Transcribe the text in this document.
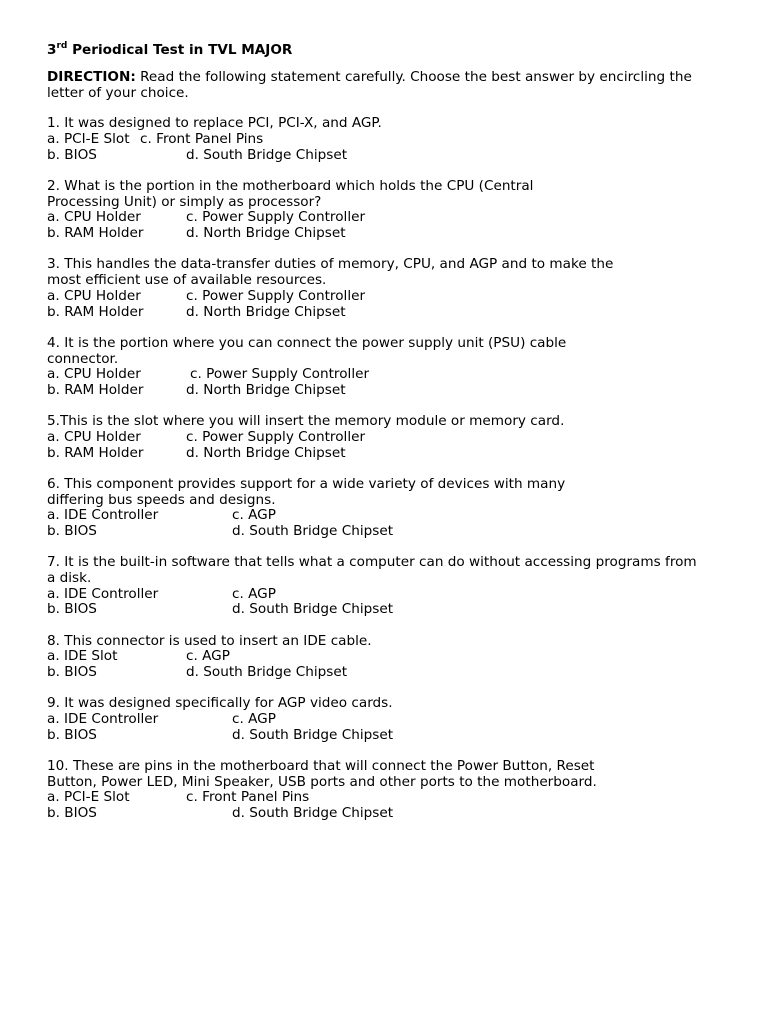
3rd Periodical Test in TVL MAJOR
DIRECTION: Read the following statement carefully. Choose the best answer by encircling the letter of your choice.
1. It was designed to replace PCI, PCI-X, and AGP.
a. PCI-E Slot c. Front Panel Pins
b. BIOS	d. South Bridge Chipset
2. What is the portion in the motherboard which holds the CPU (Central Processing Unit) or simply as processor?
a. CPU Holder	c. Power Supply Controller
b. RAM Holder	d. North Bridge Chipset
3. This handles the data-transfer duties of memory, CPU, and AGP and to make the most efficient use of available resources.
a. CPU Holder	c. Power Supply Controller
b. RAM Holder	d. North Bridge Chipset
4. It is the portion where you can connect the power supply unit (PSU) cable connector.
a. CPU Holder	c. Power Supply Controller
b. RAM Holder	d. North Bridge Chipset
5.This is the slot where you will insert the memory module or memory card.
a. CPU Holder	c. Power Supply Controller
b. RAM Holder	d. North Bridge Chipset
6. This component provides support for a wide variety of devices with many differing bus speeds and designs.
a. IDE Controller	c. AGP
b. BIOS	d. South Bridge Chipset
7. It is the built-in software that tells what a computer can do without accessing programs from a disk.
a. IDE Controller	c. AGP
b. BIOS	d. South Bridge Chipset
8. This connector is used to insert an IDE cable.
a. IDE Slot	c. AGP
b. BIOS	d. South Bridge Chipset
9. It was designed specifically for AGP video cards.
a. IDE Controller	c. AGP
b. BIOS	d. South Bridge Chipset
10. These are pins in the motherboard that will connect the Power Button, Reset Button, Power LED, Mini Speaker, USB ports and other ports to the motherboard.
a. PCI-E Slot	c. Front Panel Pins
b. BIOS	d. South Bridge Chipset
